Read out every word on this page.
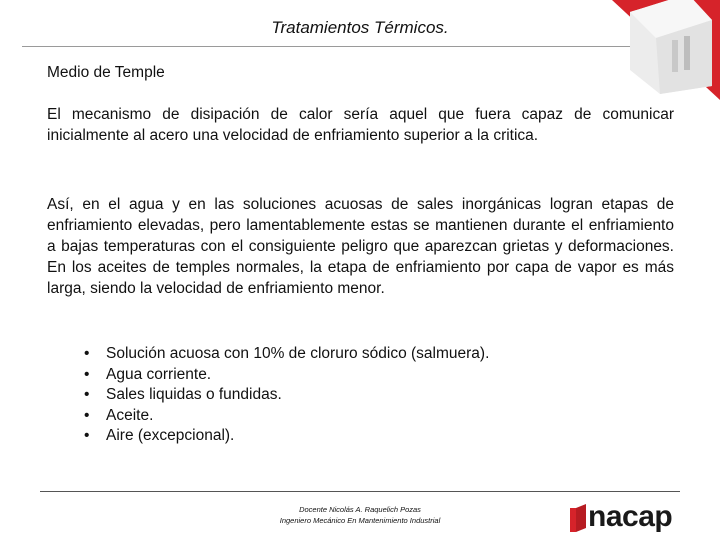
Tratamientos Térmicos.
Medio de Temple

El mecanismo de disipación de calor sería aquel que fuera capaz de comunicar inicialmente al acero una velocidad de enfriamiento superior a la critica.

Así, en el agua y en las soluciones acuosas de sales inorgánicas logran etapas de enfriamiento elevadas, pero lamentablemente estas se mantienen durante el enfriamiento a bajas temperaturas con el consiguiente peligro que aparezcan grietas y deformaciones. En los aceites de temples normales, la etapa de enfriamiento por capa de vapor es más larga, siendo la velocidad de enfriamiento menor.

• Solución acuosa con 10% de cloruro sódico (salmuera).
• Agua corriente.
• Sales liquidas o fundidas.
• Aceite.
• Aire (excepcional).
Docente Nicolás A. Raquelich Pozas
Ingeniero Mecánico En Mantenimiento Industrial	nacap
